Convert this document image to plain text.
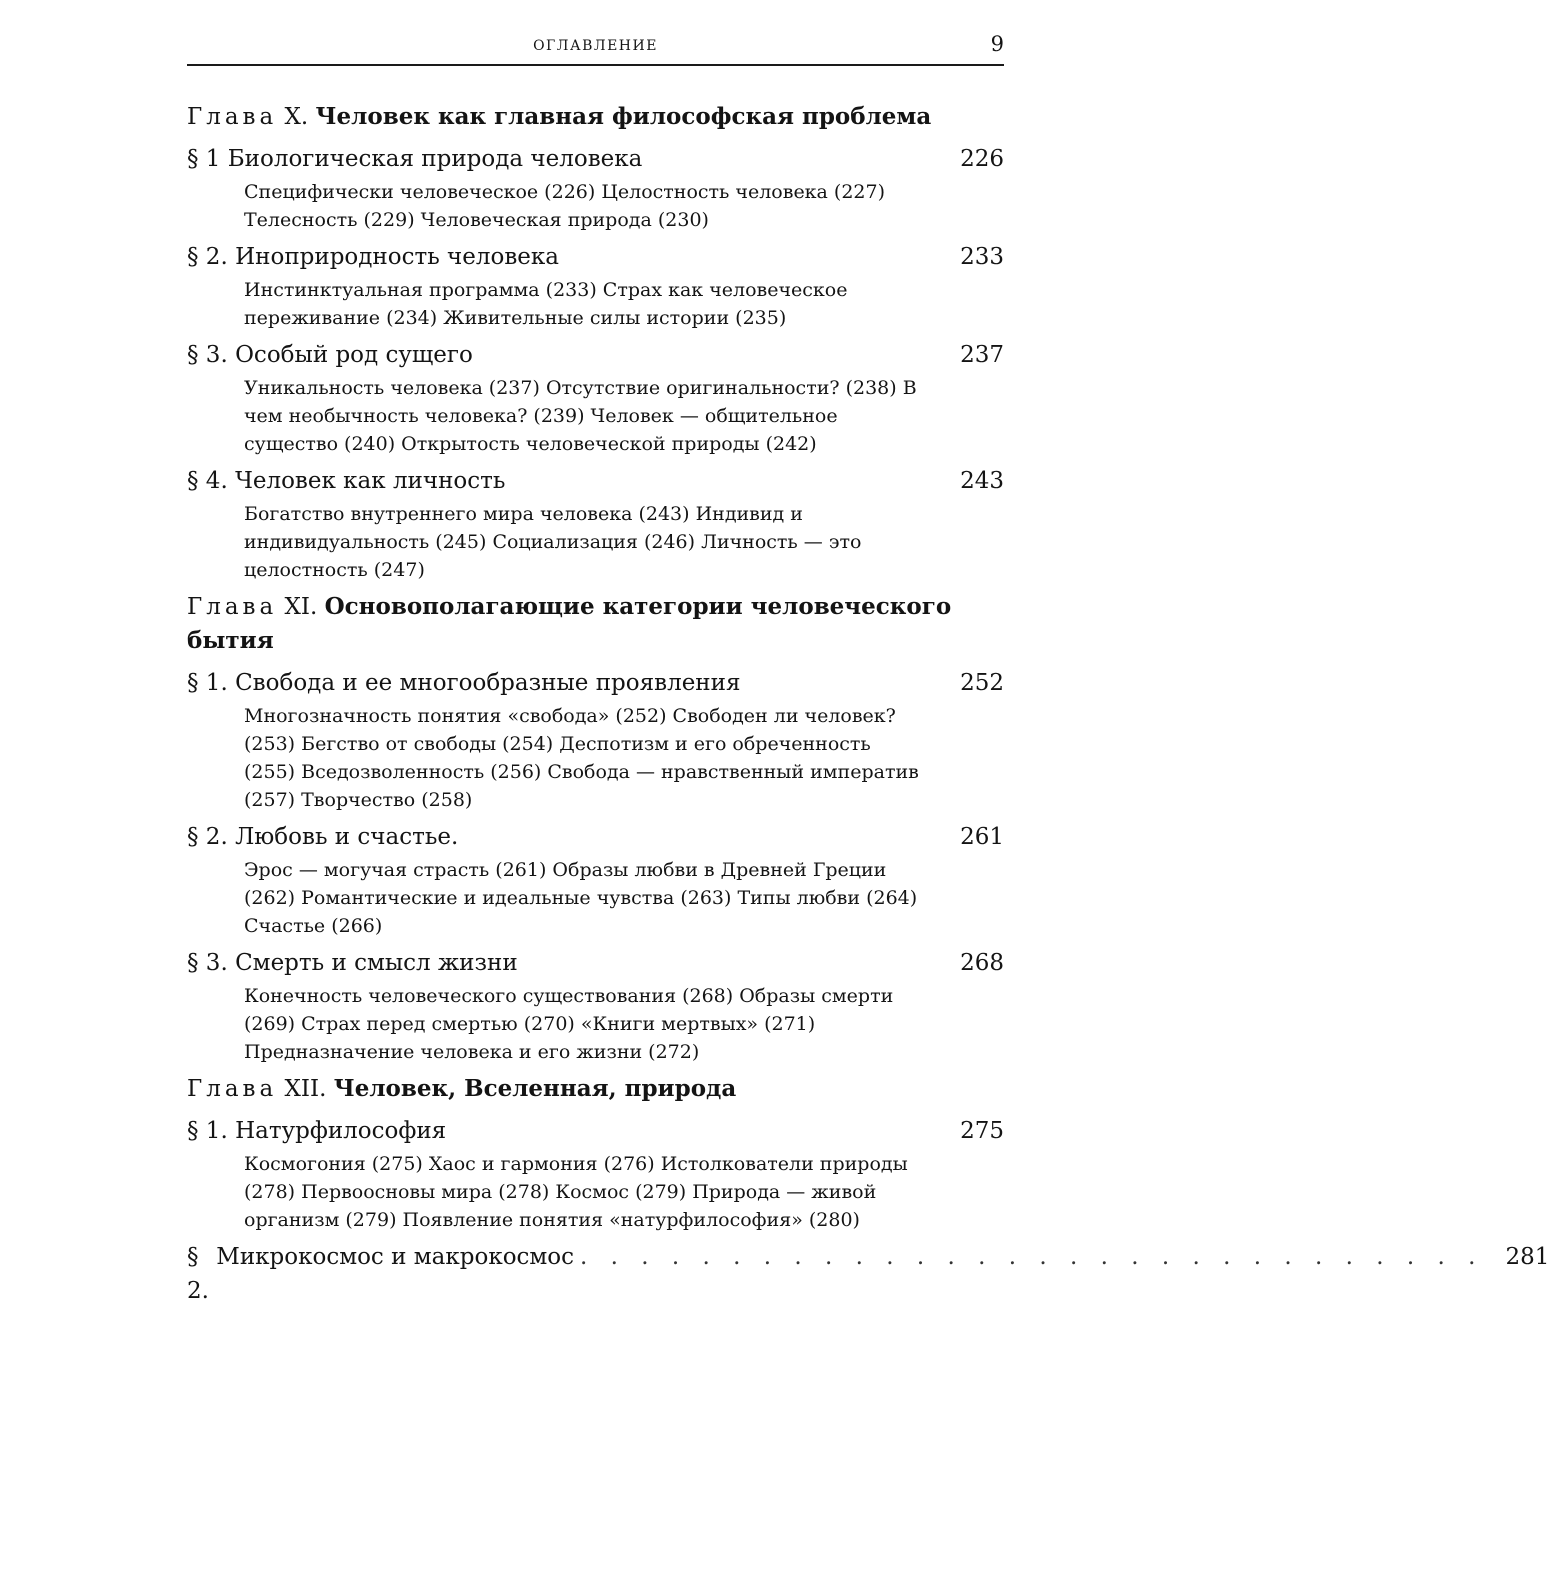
ОГЛАВЛЕНИЕ	9
Глава X. Человек как главная философская проблема
§ 1
Биологическая природа человека	226
Специфически человеческое (226) Целостность человека (227) Телесность (229) Человеческая природа (230)
§ 2.
Иноприродность человека	233
Инстинктуальная программа (233) Страх как человеческое переживание (234) Живительные силы истории (235)
§ 3.
Особый род сущего	237
Уникальность человека (237) Отсутствие оригинальности? (238) В чем необычность человека? (239) Человек — общительное существо (240) Открытость человеческой природы (242)
§ 4.
Человек как личность	243
Богатство внутреннего мира человека (243) Индивид и индивидуальность (245) Социализация (246) Личность — это целостность (247)
Глава XI. Основополагающие категории человеческого бытия
§ 1.
Свобода и ее многообразные проявления	252
Многозначность понятия «свобода» (252) Свободен ли человек? (253) Бегство от свободы (254) Деспотизм и его обреченность (255) Вседозволенность (256) Свобода — нравственный императив (257) Творчество (258)
§ 2.
Любовь и счастье.	261
Эрос — могучая страсть (261) Образы любви в Древней Греции (262) Романтические и идеальные чувства (263) Типы любви (264) Счастье (266)
§ 3.
Смерть и смысл жизни	268
Конечность человеческого существования (268) Образы смерти (269) Страх перед смертью (270) «Книги мертвых» (271) Предназначение человека и его жизни (272)
Глава XII. Человек, Вселенная, природа
§ 1.
Натурфилософия	275
Космогония (275) Хаос и гармония (276) Истолкователи природы (278) Первоосновы мира (278) Космос (279) Природа — живой организм (279) Появление понятия «натурфилософия» (280)
§ 2.

Микрокосмос и макрокосмос . . . . . . . . . . . . . . . . . . . . . . . . . . . . . . 281
